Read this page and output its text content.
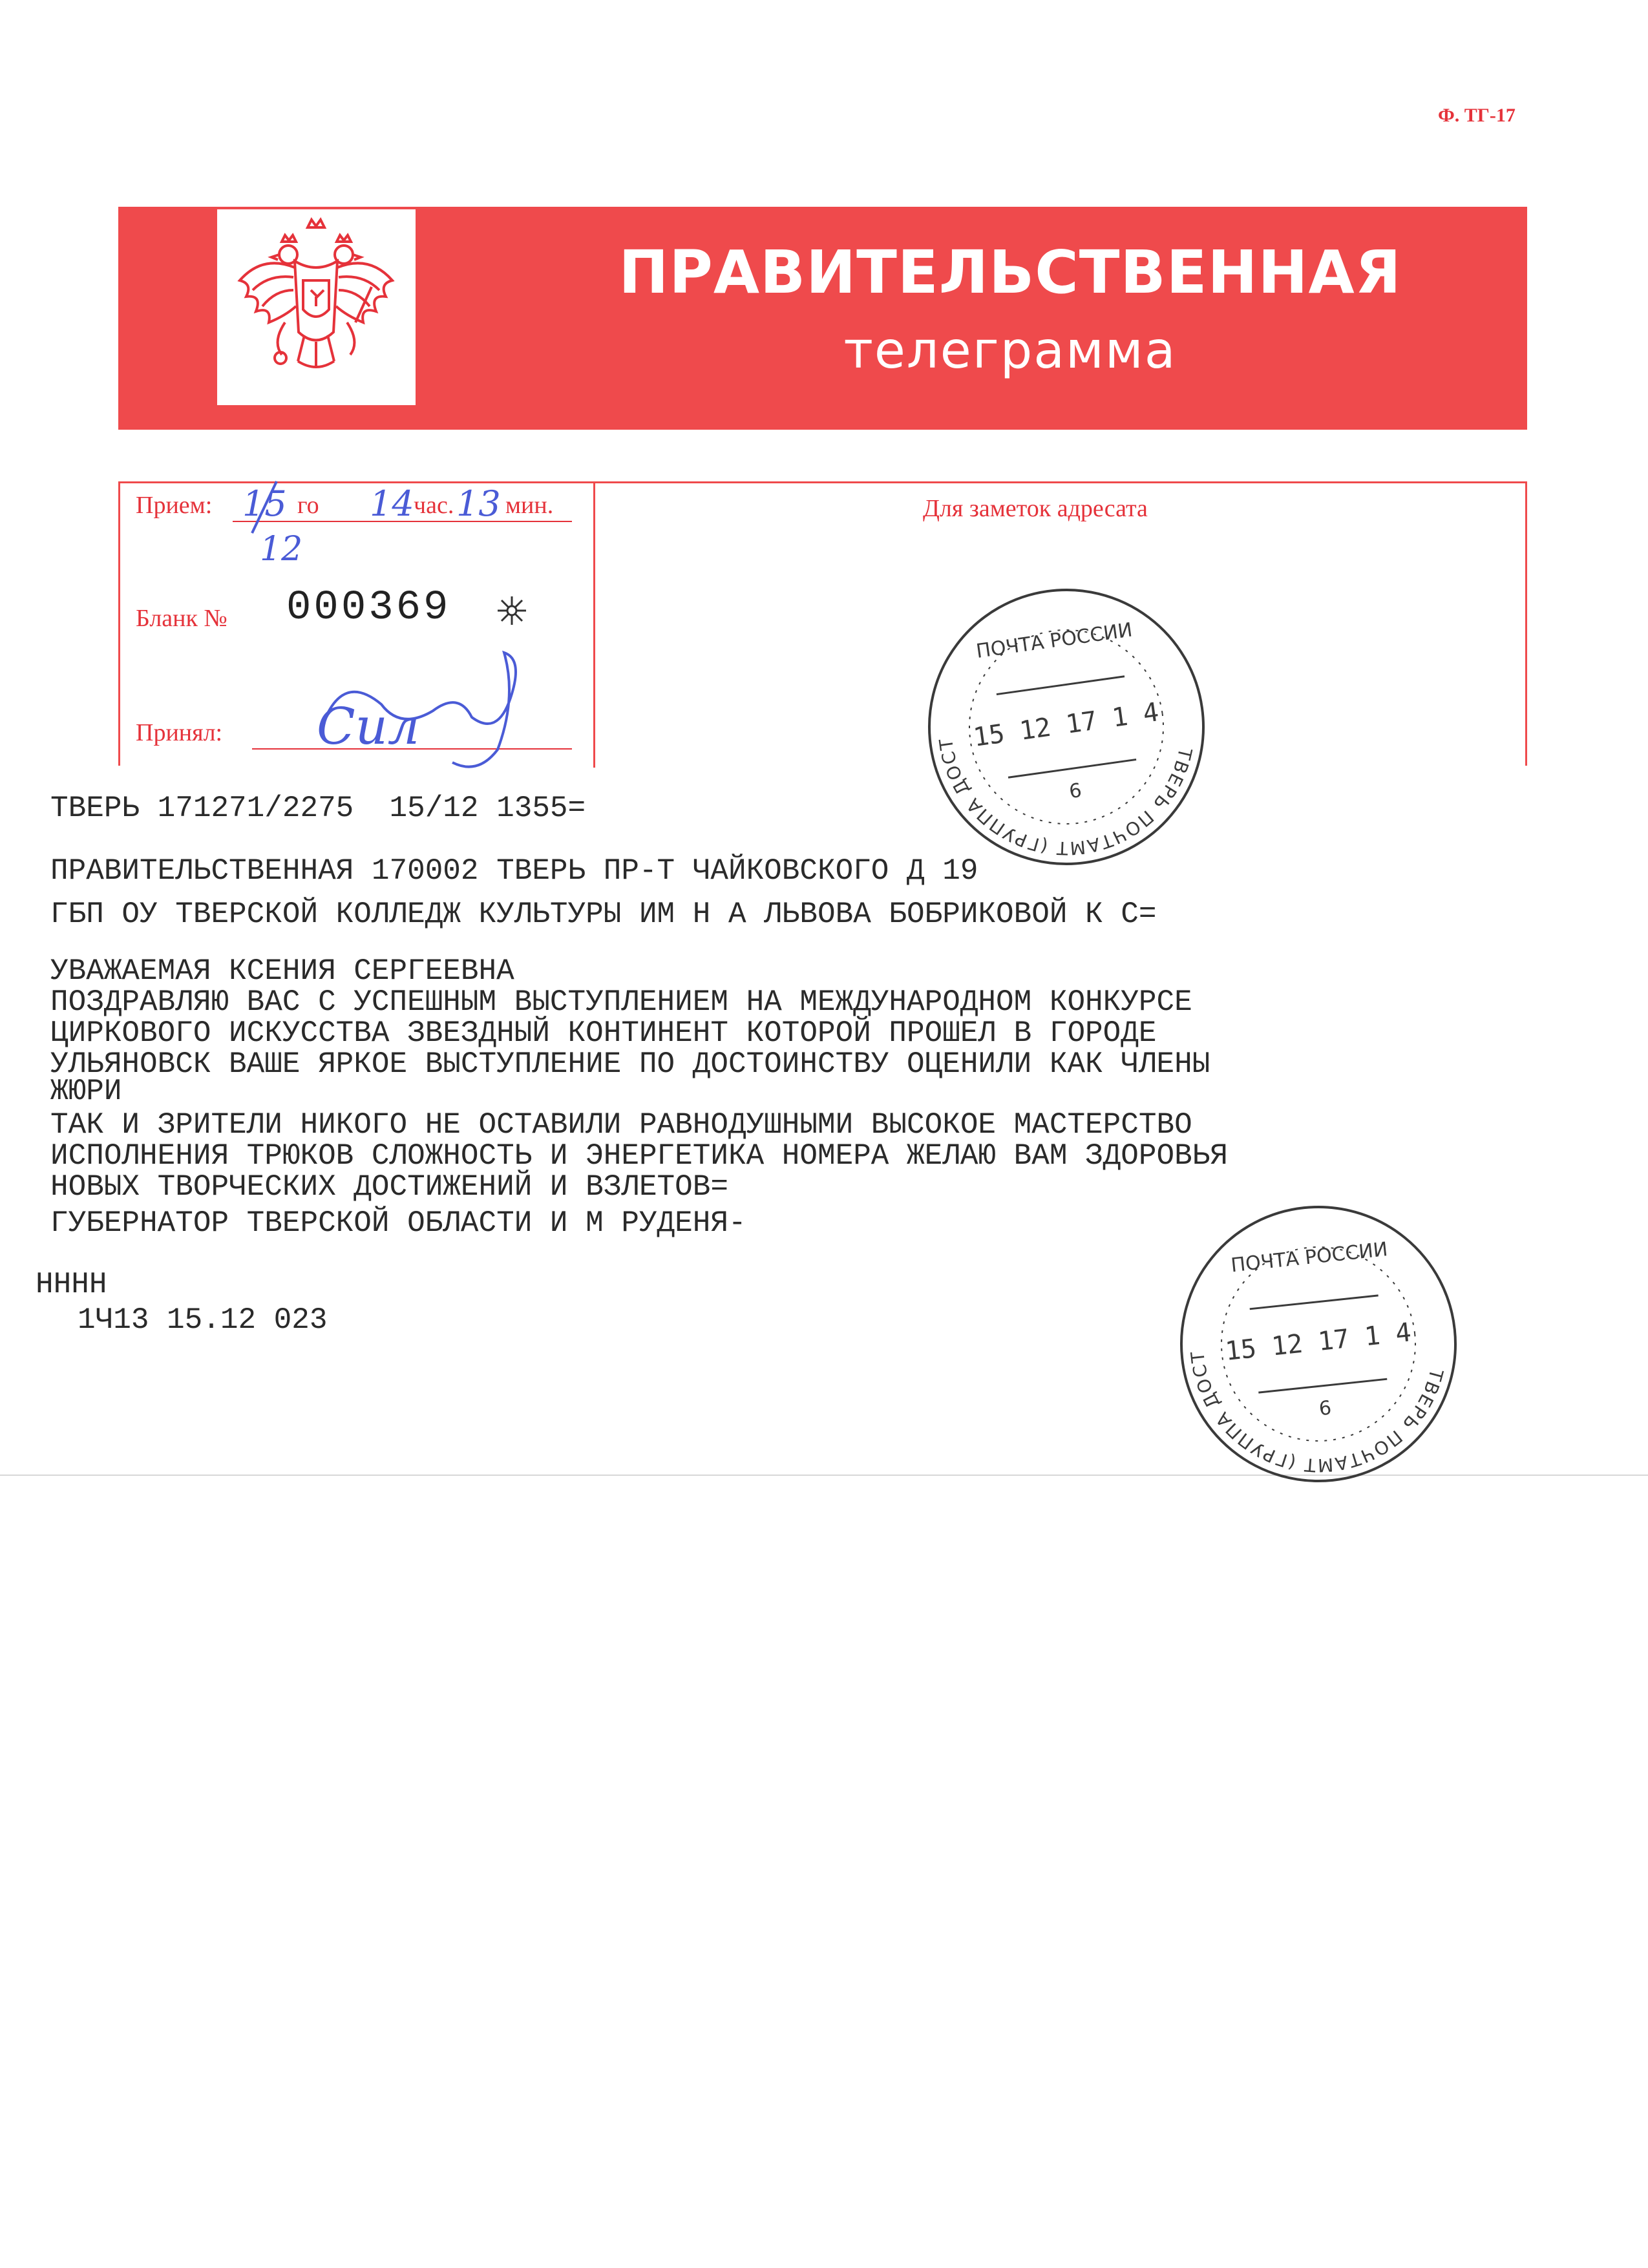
Ф. ТГ-17
ПРАВИТЕЛЬСТВЕННАЯ
телеграмма
Прием:	го	час. мин.
15
12
14 13
Бланк № 000369
Принял: Сил
Для заметок адресата
ТВЕРЬ 171271/2275  15/12 1355=
ПРАВИТЕЛЬСТВЕННАЯ 170002 ТВЕРЬ ПР-Т ЧАЙКОВСКОГО Д 19
ГБП ОУ ТВЕРСКОЙ КОЛЛЕДЖ КУЛЬТУРЫ ИМ Н А ЛЬВОВА БОБРИКОВОЙ К С=
УВАЖАЕМАЯ КСЕНИЯ СЕРГЕЕВНА
ПОЗДРАВЛЯЮ ВАС С УСПЕШНЫМ ВЫСТУПЛЕНИЕМ НА МЕЖДУНАРОДНОМ КОНКУРСЕ
ЦИРКОВОГО ИСКУССТВА ЗВЕЗДНЫЙ КОНТИНЕНТ КОТОРОЙ ПРОШЕЛ В ГОРОДЕ
УЛЬЯНОВСК ВАШЕ ЯРКОЕ ВЫСТУПЛЕНИЕ ПО ДОСТОИНСТВУ ОЦЕНИЛИ КАК ЧЛЕНЫ
ЖЮРИ
ТАК И ЗРИТЕЛИ НИКОГО НЕ ОСТАВИЛИ РАВНОДУШНЫМИ ВЫСОКОЕ МАСТЕРСТВО
ИСПОЛНЕНИЯ ТРЮКОВ СЛОЖНОСТЬ И ЭНЕРГЕТИКА НОМЕРА ЖЕЛАЮ ВАМ ЗДОРОВЬЯ
НОВЫХ ТВОРЧЕСКИХ ДОСТИЖЕНИЙ И ВЗЛЕТОВ=
ГУБЕРНАТОР ТВЕРСКОЙ ОБЛАСТИ И М РУДЕНЯ-
НННН
1Ч13 15.12 023
ТВЕРЬ ПОЧТАМТ (ГРУППА ДОСТАВКИ
ПОЧТА РОССИИ
15 12 17 1 4
6
ТВЕРЬ ПОЧТАМТ (ГРУППА ДОСТАВКИ
ПОЧТА РОССИИ
15 12 17 1 4
6
